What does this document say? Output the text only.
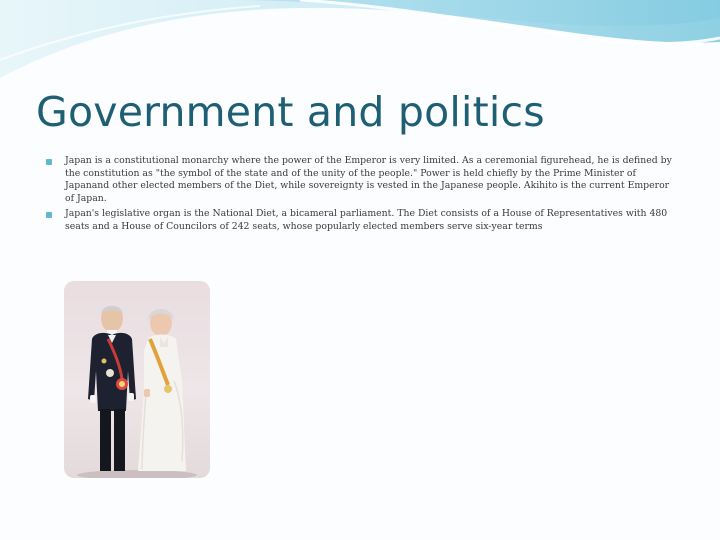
Government and politics
Japan is a constitutional monarchy where the power of the Emperor is very limited. As a ceremonial figurehead, he is defined by the constitution as "the symbol of the state and of the unity of the people." Power is held chiefly by the Prime Minister of Japanand other elected members of the Diet, while sovereignty is vested in the Japanese people. Akihito is the current Emperor of Japan.
Japan's legislative organ is the National Diet, a bicameral parliament. The Diet consists of a House of Representatives with 480 seats and a House of Councilors of 242 seats, whose popularly elected members serve six-year terms
